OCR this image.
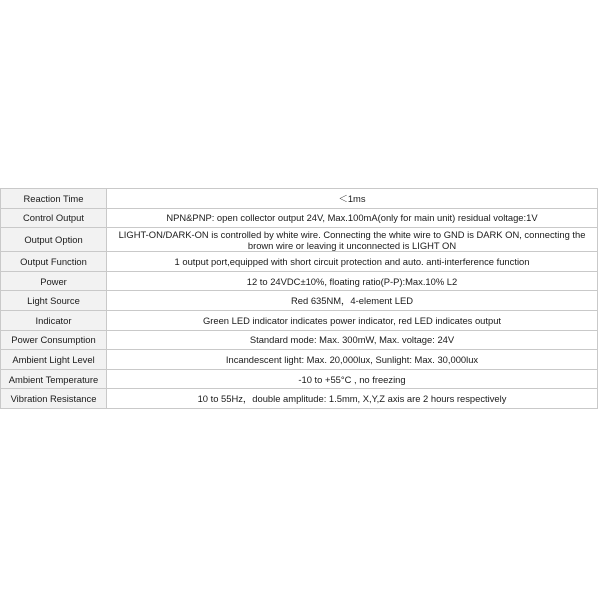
Reaction Time	＜1ms
Control Output	NPN&PNP: open collector output 24V, Max.100mA(only for main unit) residual voltage:1V
Output Option	LIGHT-ON/DARK-ON is controlled by white wire. Connecting the white wire to GND is DARK ON, connecting the brown wire or leaving it unconnected is LIGHT ON
Output Function	1 output port,equipped with short circuit protection and auto. anti-interference function
Power	12 to 24VDC±10%, floating ratio(P-P):Max.10% L2
Light Source	Red 635NM，4-element LED
Indicator	Green LED indicator indicates power indicator, red LED indicates output
Power Consumption	Standard mode: Max. 300mW, Max. voltage: 24V
Ambient Light Level	Incandescent light: Max. 20,000lux, Sunlight: Max. 30,000lux
Ambient Temperature	-10 to +55°C , no freezing
Vibration Resistance	10 to 55Hz，double amplitude: 1.5mm, X,Y,Z axis are 2 hours respectively
